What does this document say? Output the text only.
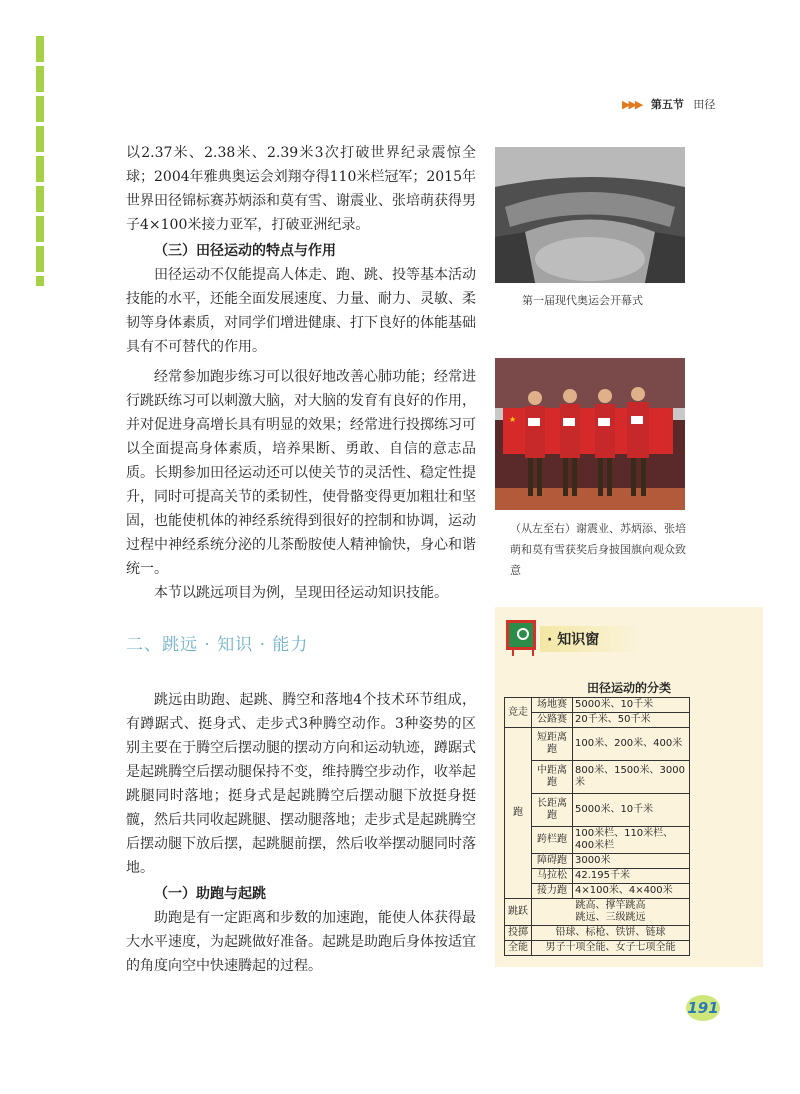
▶▶▶ 第五节 田径

以2.37米、2.38米、2.39米3次打破世界纪录震惊全球；2004年雅典奥运会刘翔夺得110米栏冠军；2015年世界田径锦标赛苏炳添和莫有雪、谢震业、张培萌获得男子4×100米接力亚军，打破亚洲纪录。

（三）田径运动的特点与作用

田径运动不仅能提高人体走、跑、跳、投等基本活动技能的水平，还能全面发展速度、力量、耐力、灵敏、柔韧等身体素质，对同学们增进健康、打下良好的体能基础具有不可替代的作用。

经常参加跑步练习可以很好地改善心肺功能；经常进行跳跃练习可以刺激大脑，对大脑的发育有良好的作用，并对促进身高增长具有明显的效果；经常进行投掷练习可以全面提高身体素质，培养果断、勇敢、自信的意志品质。长期参加田径运动还可以使关节的灵活性、稳定性提升，同时可提高关节的柔韧性，使骨骼变得更加粗壮和坚固，也能使机体的神经系统得到很好的控制和协调，运动过程中神经系统分泌的儿茶酚胺使人精神愉快，身心和谐统一。

本节以跳远项目为例，呈现田径运动知识技能。

第一届现代奥运会开幕式
★
（从左至右）谢震业、苏炳添、张培萌和莫有雪获奖后身披国旗向观众致意
二、跳远 · 知识 · 能力

跳远由助跑、起跳、腾空和落地4个技术环节组成，有蹲踞式、挺身式、走步式3种腾空动作。3种姿势的区别主要在于腾空后摆动腿的摆动方向和运动轨迹，蹲踞式是起跳腾空后摆动腿保持不变，维持腾空步动作，收举起跳腿同时落地；挺身式是起跳腾空后摆动腿下放挺身挺髋，然后共同收起跳腿、摆动腿落地；走步式是起跳腾空后摆动腿下放后摆，起跳腿前摆，然后收举摆动腿同时落地。

（一）助跑与起跳

助跑是有一定距离和步数的加速跑，能使人体获得最大水平速度，为起跳做好准备。起跳是助跑后身体按适宜的角度向空中快速腾起的过程。

· 知识窗
田径运动的分类
竞走	场地赛	5000米、10千米
	公路赛	20千米、50千米
跑	短距离跑	100米、200米、400米
	中距离跑	800米、1500米、3000米
	长距离跑	5000米、10千米
	跨栏跑	100米栏、110米栏、400米栏
	障碍跑	3000米
	马拉松	42.195千米
	接力跑	4×100米、4×400米
跳跃	跳高、撑竿跳高
跳远、三级跳远	

投掷	铅球、标枪、铁饼、链球	
全能	男子十项全能、女子七项全能	
191
